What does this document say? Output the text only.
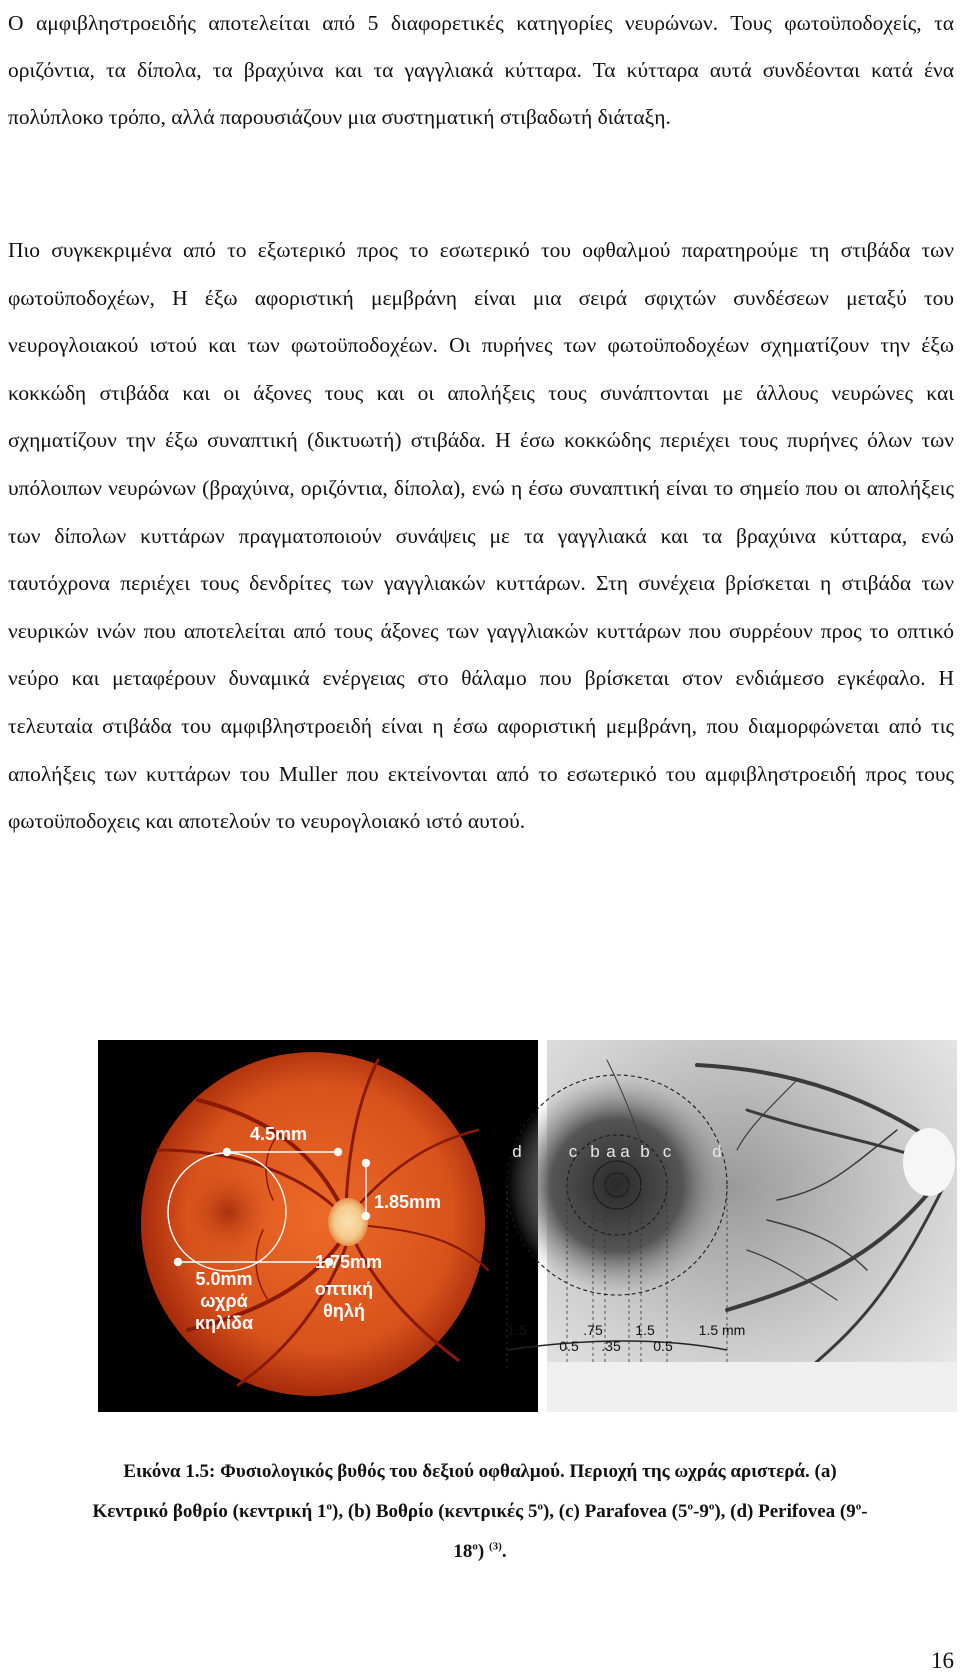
Ο αμφιβληστροειδής αποτελείται από 5 διαφορετικές κατηγορίες νευρώνων. Τους φωτοϋποδοχείς, τα οριζόντια, τα δίπολα, τα βραχύινα και τα γαγγλιακά κύτταρα. Τα κύτταρα αυτά συνδέονται κατά ένα πολύπλοκο τρόπο, αλλά παρουσιάζουν μια συστηματική στιβαδωτή διάταξη.

Πιο συγκεκριμένα από το εξωτερικό προς το εσωτερικό του οφθαλμού παρατηρούμε τη στιβάδα των φωτοϋποδοχέων, Η έξω αφοριστική μεμβράνη είναι μια σειρά σφιχτών συνδέσεων μεταξύ του νευρογλοιακού ιστού και των φωτοϋποδοχέων. Οι πυρήνες των φωτοϋποδοχέων σχηματίζουν την έξω κοκκώδη στιβάδα και οι άξονες τους και οι απολήξεις τους συνάπτονται με άλλους νευρώνες και σχηματίζουν την έξω συναπτική (δικτυωτή) στιβάδα. Η έσω κοκκώδης περιέχει τους πυρήνες όλων των υπόλοιπων νευρώνων (βραχύινα, οριζόντια, δίπολα), ενώ η έσω συναπτική είναι το σημείο που οι απολήξεις των δίπολων κυττάρων πραγματοποιούν συνάψεις με τα γαγγλιακά και τα βραχύινα κύτταρα, ενώ ταυτόχρονα περιέχει τους δενδρίτες των γαγγλιακών κυττάρων. Στη συνέχεια βρίσκεται η στιβάδα των νευρικών ινών που αποτελείται από τους άξονες των γαγγλιακών κυττάρων που συρρέουν προς το οπτικό νεύρο και μεταφέρουν δυναμικά ενέργειας στο θάλαμο που βρίσκεται στον ενδιάμεσο εγκέφαλο. Η τελευταία στιβάδα του αμφιβληστροειδή είναι η έσω αφοριστική μεμβράνη, που διαμορφώνεται από τις απολήξεις των κυττάρων του Muller που εκτείνονται από το εσωτερικό του αμφιβληστροειδή προς τους φωτοϋποδοχεις και αποτελούν το νευρογλοιακό ιστό αυτού.

4.5mm
1.85mm
1.75mm
5.0mm
ωχρά
κηλίδα
οπτική
θηλή
d	c b a a b c d
1.5	.75 1.5	1.5 mm
0.5 .35 0.5
Εικόνα 1.5: Φυσιολογικός βυθός του δεξιού οφθαλμού. Περιοχή της ωχράς αριστερά. (a)
Κεντρικό βοθρίο (κεντρική 1$^o$), (b) Βοθρίο (κεντρικές 5$^o$), (c) Parafovea (5$^o$-9$^o$), (d) Perifovea (9$^o$-
18$^o$) $^{(3)}$.
16
